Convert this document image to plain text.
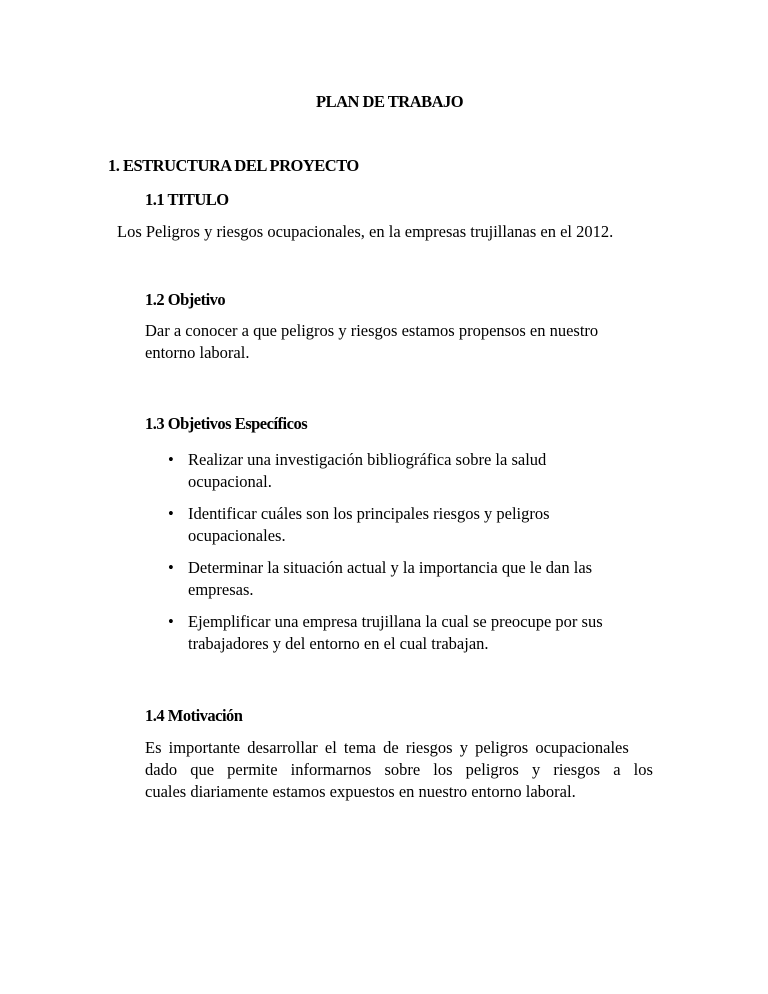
PLAN DE TRABAJO
1. ESTRUCTURA DEL PROYECTO
1.1 TITULO
Los Peligros y riesgos ocupacionales, en la empresas trujillanas en el 2012.
1.2 Objetivo
Dar a conocer a que peligros y riesgos estamos propensos en nuestro
entorno laboral.
1.3 Objetivos Específicos
• Realizar una investigación bibliográfica sobre la salud
ocupacional.
• Identificar cuáles son los principales riesgos y peligros
ocupacionales.
• Determinar la situación actual y la importancia que le dan las
empresas.
• Ejemplificar una empresa trujillana la cual se preocupe por sus
trabajadores y del entorno en el cual trabajan.
1.4 Motivación
Es importante desarrollar el tema de riesgos y peligros ocupacionales
dado que permite informarnos sobre los peligros y riesgos a los
cuales diariamente estamos expuestos en nuestro entorno laboral.
